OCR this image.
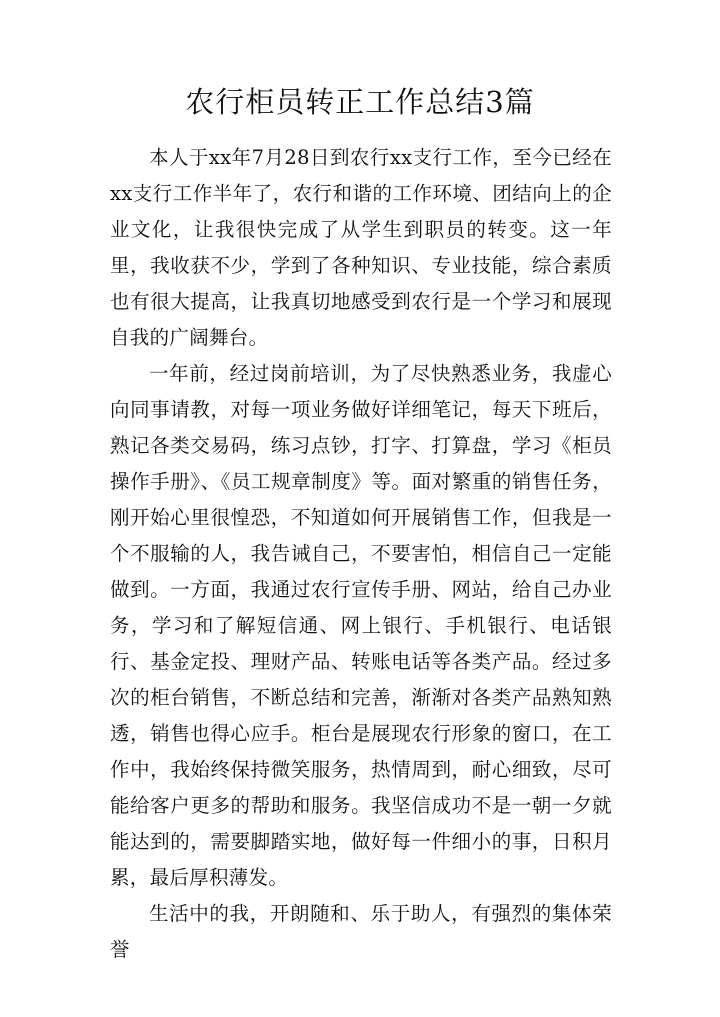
农行柜员转正工作总结3篇

本人于xx年7月28日到农行xx支行工作，至今已经在xx支行工作半年了，农行和谐的工作环境、团结向上的企业文化，让我很快完成了从学生到职员的转变。这一年里，我收获不少，学到了各种知识、专业技能，综合素质也有很大提高，让我真切地感受到农行是一个学习和展现自我的广阔舞台。

一年前，经过岗前培训，为了尽快熟悉业务，我虚心向同事请教，对每一项业务做好详细笔记，每天下班后，熟记各类交易码，练习点钞，打字、打算盘，学习《柜员操作手册》、《员工规章制度》等。面对繁重的销售任务，刚开始心里很惶恐，不知道如何开展销售工作，但我是一个不服输的人，我告诫自己，不要害怕，相信自己一定能做到。一方面，我通过农行宣传手册、网站，给自己办业务，学习和了解短信通、网上银行、手机银行、电话银行、基金定投、理财产品、转账电话等各类产品。经过多次的柜台销售，不断总结和完善，渐渐对各类产品熟知熟透，销售也得心应手。柜台是展现农行形象的窗口，在工作中，我始终保持微笑服务，热情周到，耐心细致，尽可能给客户更多的帮助和服务。我坚信成功不是一朝一夕就能达到的，需要脚踏实地，做好每一件细小的事，日积月累，最后厚积薄发。

生活中的我，开朗随和、乐于助人，有强烈的集体荣誉
